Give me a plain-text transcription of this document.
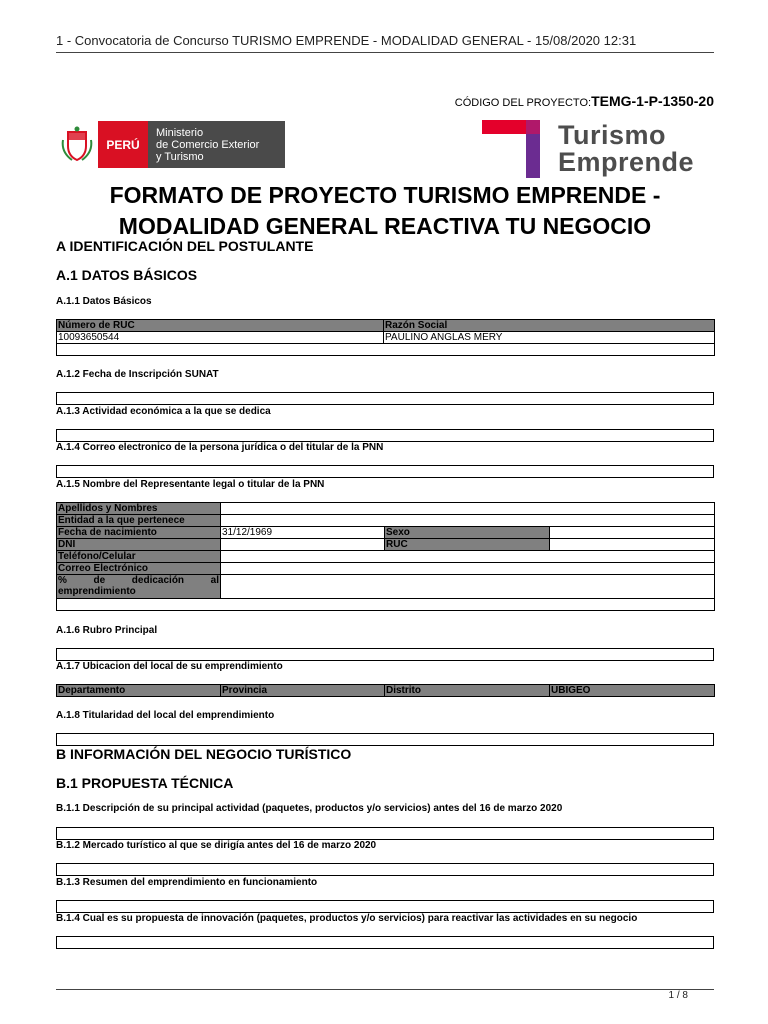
1 - Convocatoria de Concurso TURISMO EMPRENDE - MODALIDAD GENERAL - 15/08/2020 12:31
CÓDIGO DEL PROYECTO:TEMG-1-P-1350-20
PERÚ
Ministerio
de Comercio Exterior
y Turismo
Turismo
Emprende
FORMATO DE PROYECTO TURISMO EMPRENDE -
MODALIDAD GENERAL REACTIVA TU NEGOCIO
A IDENTIFICACIÓN DEL POSTULANTE
A.1 DATOS BÁSICOS
A.1.1 Datos Básicos
Número de RUC	Razón Social
10093650544	PAULINO ANGLAS MERY

A.1.2 Fecha de Inscripción SUNAT
A.1.3 Actividad económica a la que se dedica
A.1.4 Correo electronico de la persona jurídica o del titular de la PNN
A.1.5 Nombre del Representante legal o titular de la PNN
Apellidos y Nombres			
Entidad a la que pertenece			
Fecha de nacimiento	31/12/1969	Sexo	
DNI		RUC	
Teléfono/Celular			
Correo Electrónico			
% de dedicación al emprendimiento			

A.1.6 Rubro Principal
A.1.7 Ubicacion del local de su emprendimiento
Departamento	Provincia	Distrito	UBIGEO
A.1.8 Titularidad del local del emprendimiento
B INFORMACIÓN DEL NEGOCIO TURÍSTICO
B.1 PROPUESTA TÉCNICA
B.1.1 Descripción de su principal actividad (paquetes, productos y/o servicios) antes del 16 de marzo 2020
B.1.2 Mercado turístico al que se dirigía antes del 16 de marzo 2020
B.1.3 Resumen del emprendimiento en funcionamiento
B.1.4 Cual es su propuesta de innovación (paquetes, productos y/o servicios) para reactivar las actividades en su negocio
1 / 8
